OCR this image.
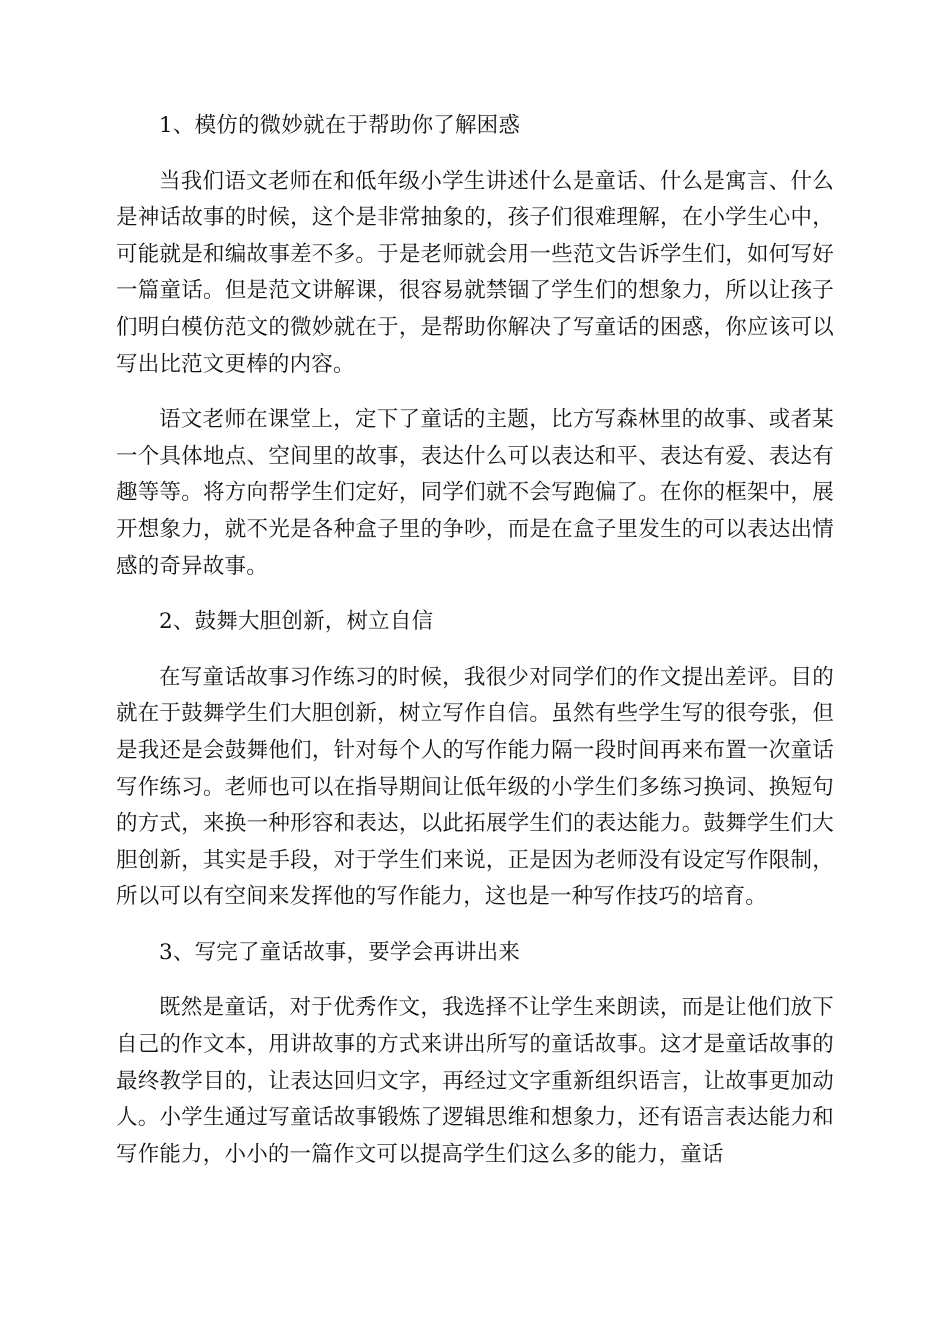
1、模仿的微妙就在于帮助你了解困惑

当我们语文老师在和低年级小学生讲述什么是童话、什么是寓言、什么是神话故事的时候，这个是非常抽象的，孩子们很难理解，在小学生心中，可能就是和编故事差不多。于是老师就会用一些范文告诉学生们，如何写好一篇童话。但是范文讲解课，很容易就禁锢了学生们的想象力，所以让孩子们明白模仿范文的微妙就在于，是帮助你解决了写童话的困惑，你应该可以写出比范文更棒的内容。

语文老师在课堂上，定下了童话的主题，比方写森林里的故事、或者某一个具体地点、空间里的故事，表达什么可以表达和平、表达有爱、表达有趣等等。将方向帮学生们定好，同学们就不会写跑偏了。在你的框架中，展开想象力，就不光是各种盒子里的争吵，而是在盒子里发生的可以表达出情感的奇异故事。

2、鼓舞大胆创新，树立自信

在写童话故事习作练习的时候，我很少对同学们的作文提出差评。目的就在于鼓舞学生们大胆创新，树立写作自信。虽然有些学生写的很夸张，但是我还是会鼓舞他们，针对每个人的写作能力隔一段时间再来布置一次童话写作练习。老师也可以在指导期间让低年级的小学生们多练习换词、换短句的方式，来换一种形容和表达，以此拓展学生们的表达能力。鼓舞学生们大胆创新，其实是手段，对于学生们来说，正是因为老师没有设定写作限制，所以可以有空间来发挥他的写作能力，这也是一种写作技巧的培育。

3、写完了童话故事，要学会再讲出来

既然是童话，对于优秀作文，我选择不让学生来朗读，而是让他们放下自己的作文本，用讲故事的方式来讲出所写的童话故事。这才是童话故事的最终教学目的，让表达回归文字，再经过文字重新组织语言，让故事更加动人。小学生通过写童话故事锻炼了逻辑思维和想象力，还有语言表达能力和写作能力，小小的一篇作文可以提高学生们这么多的能力，童话
